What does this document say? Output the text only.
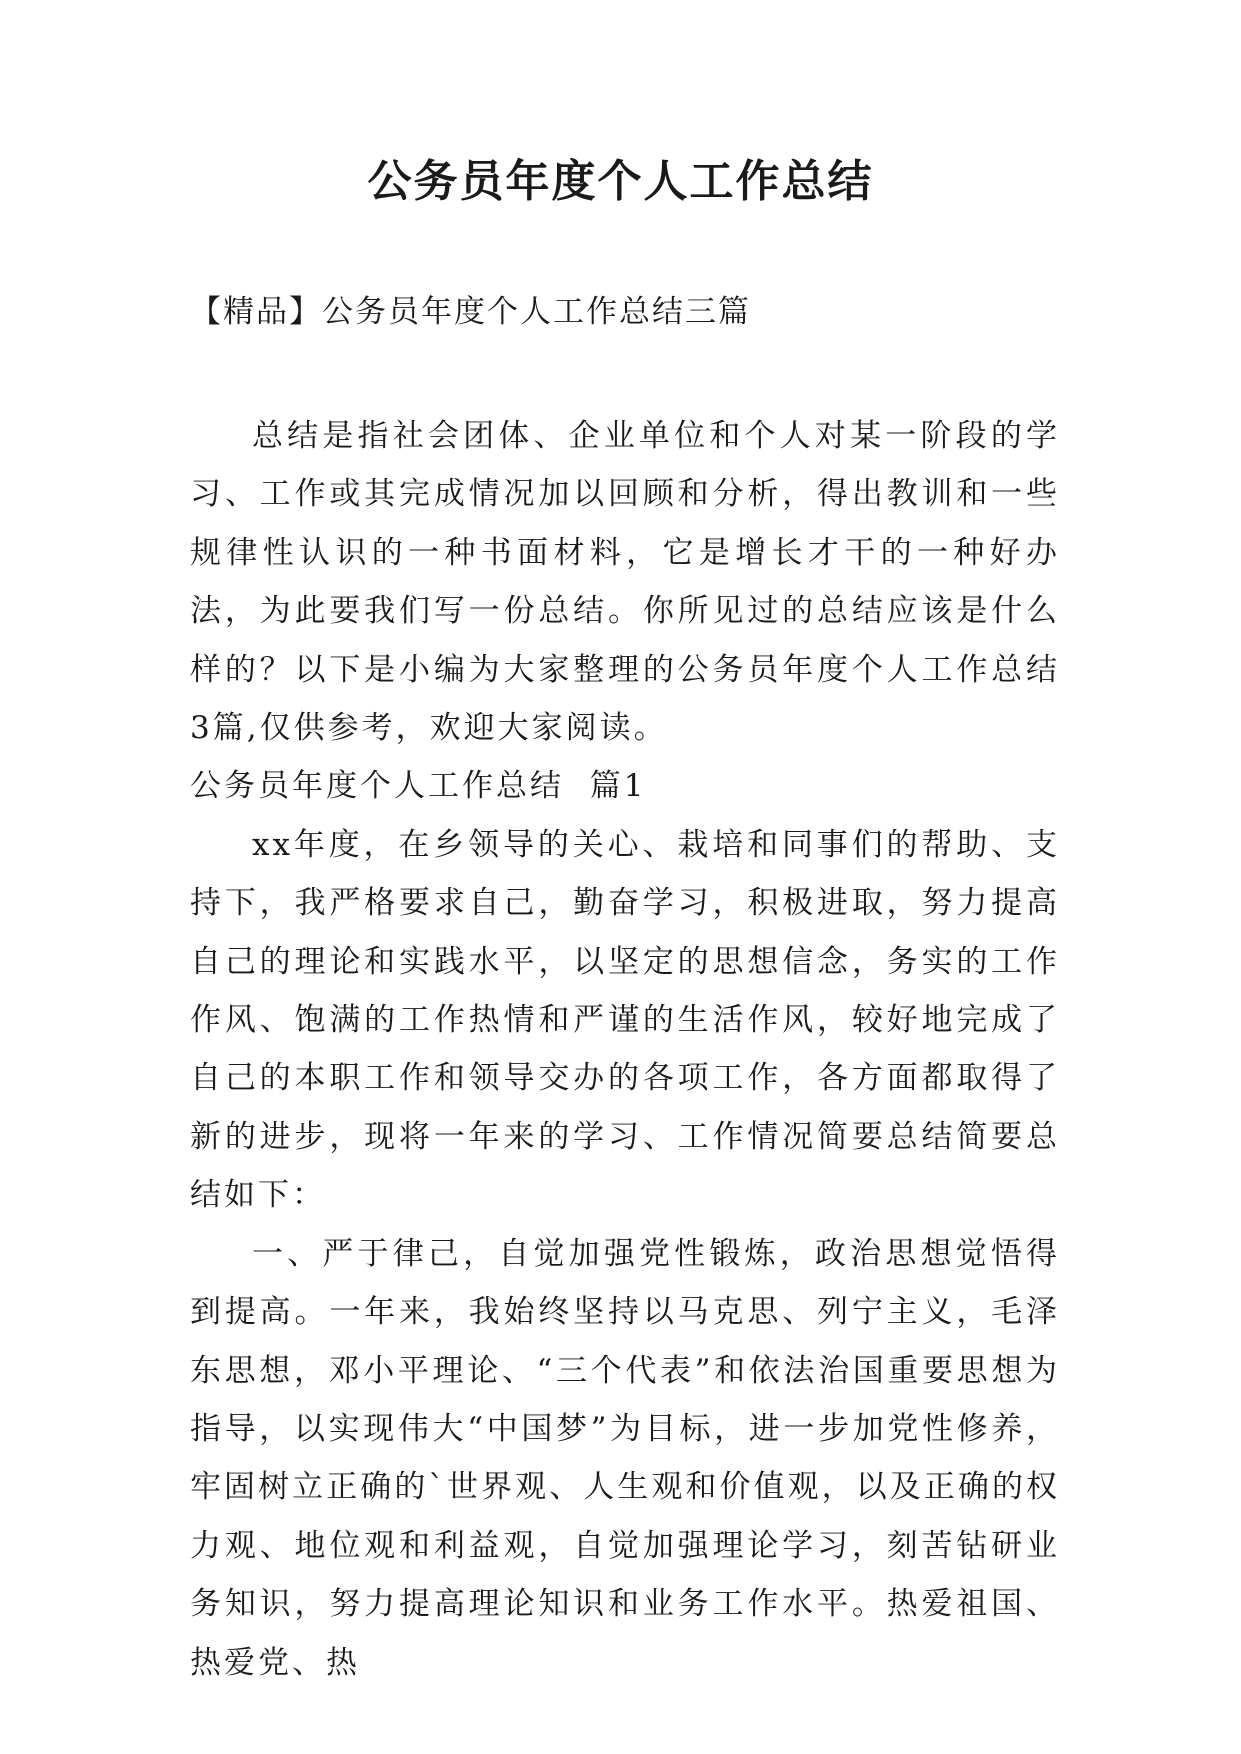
公务员年度个人工作总结

【精品】公务员年度个人工作总结三篇

总结是指社会团体、企业单位和个人对某一阶段的学习、工作或其完成情况加以回顾和分析，得出教训和一些规律性认识的一种书面材料，它是增长才干的一种好办法，为此要我们写一份总结。你所见过的总结应该是什么样的？以下是小编为大家整理的公务员年度个人工作总结3篇,仅供参考，欢迎大家阅读。

公务员年度个人工作总结  篇1

xx年度，在乡领导的关心、栽培和同事们的帮助、支持下，我严格要求自己，勤奋学习，积极进取，努力提高自己的理论和实践水平，以坚定的思想信念，务实的工作作风、饱满的工作热情和严谨的生活作风，较好地完成了自己的本职工作和领导交办的各项工作，各方面都取得了新的进步，现将一年来的学习、工作情况简要总结简要总结如下：

一、严于律己，自觉加强党性锻炼，政治思想觉悟得到提高。一年来，我始终坚持以马克思、列宁主义，毛泽东思想，邓小平理论、“三个代表”和依法治国重要思想为指导，以实现伟大“中国梦”为目标，进一步加党性修养，牢固树立正确的`世界观、人生观和价值观，以及正确的权力观、地位观和利益观，自觉加强理论学习，刻苦钻研业务知识，努力提高理论知识和业务工作水平。热爱祖国、热爱党、热
